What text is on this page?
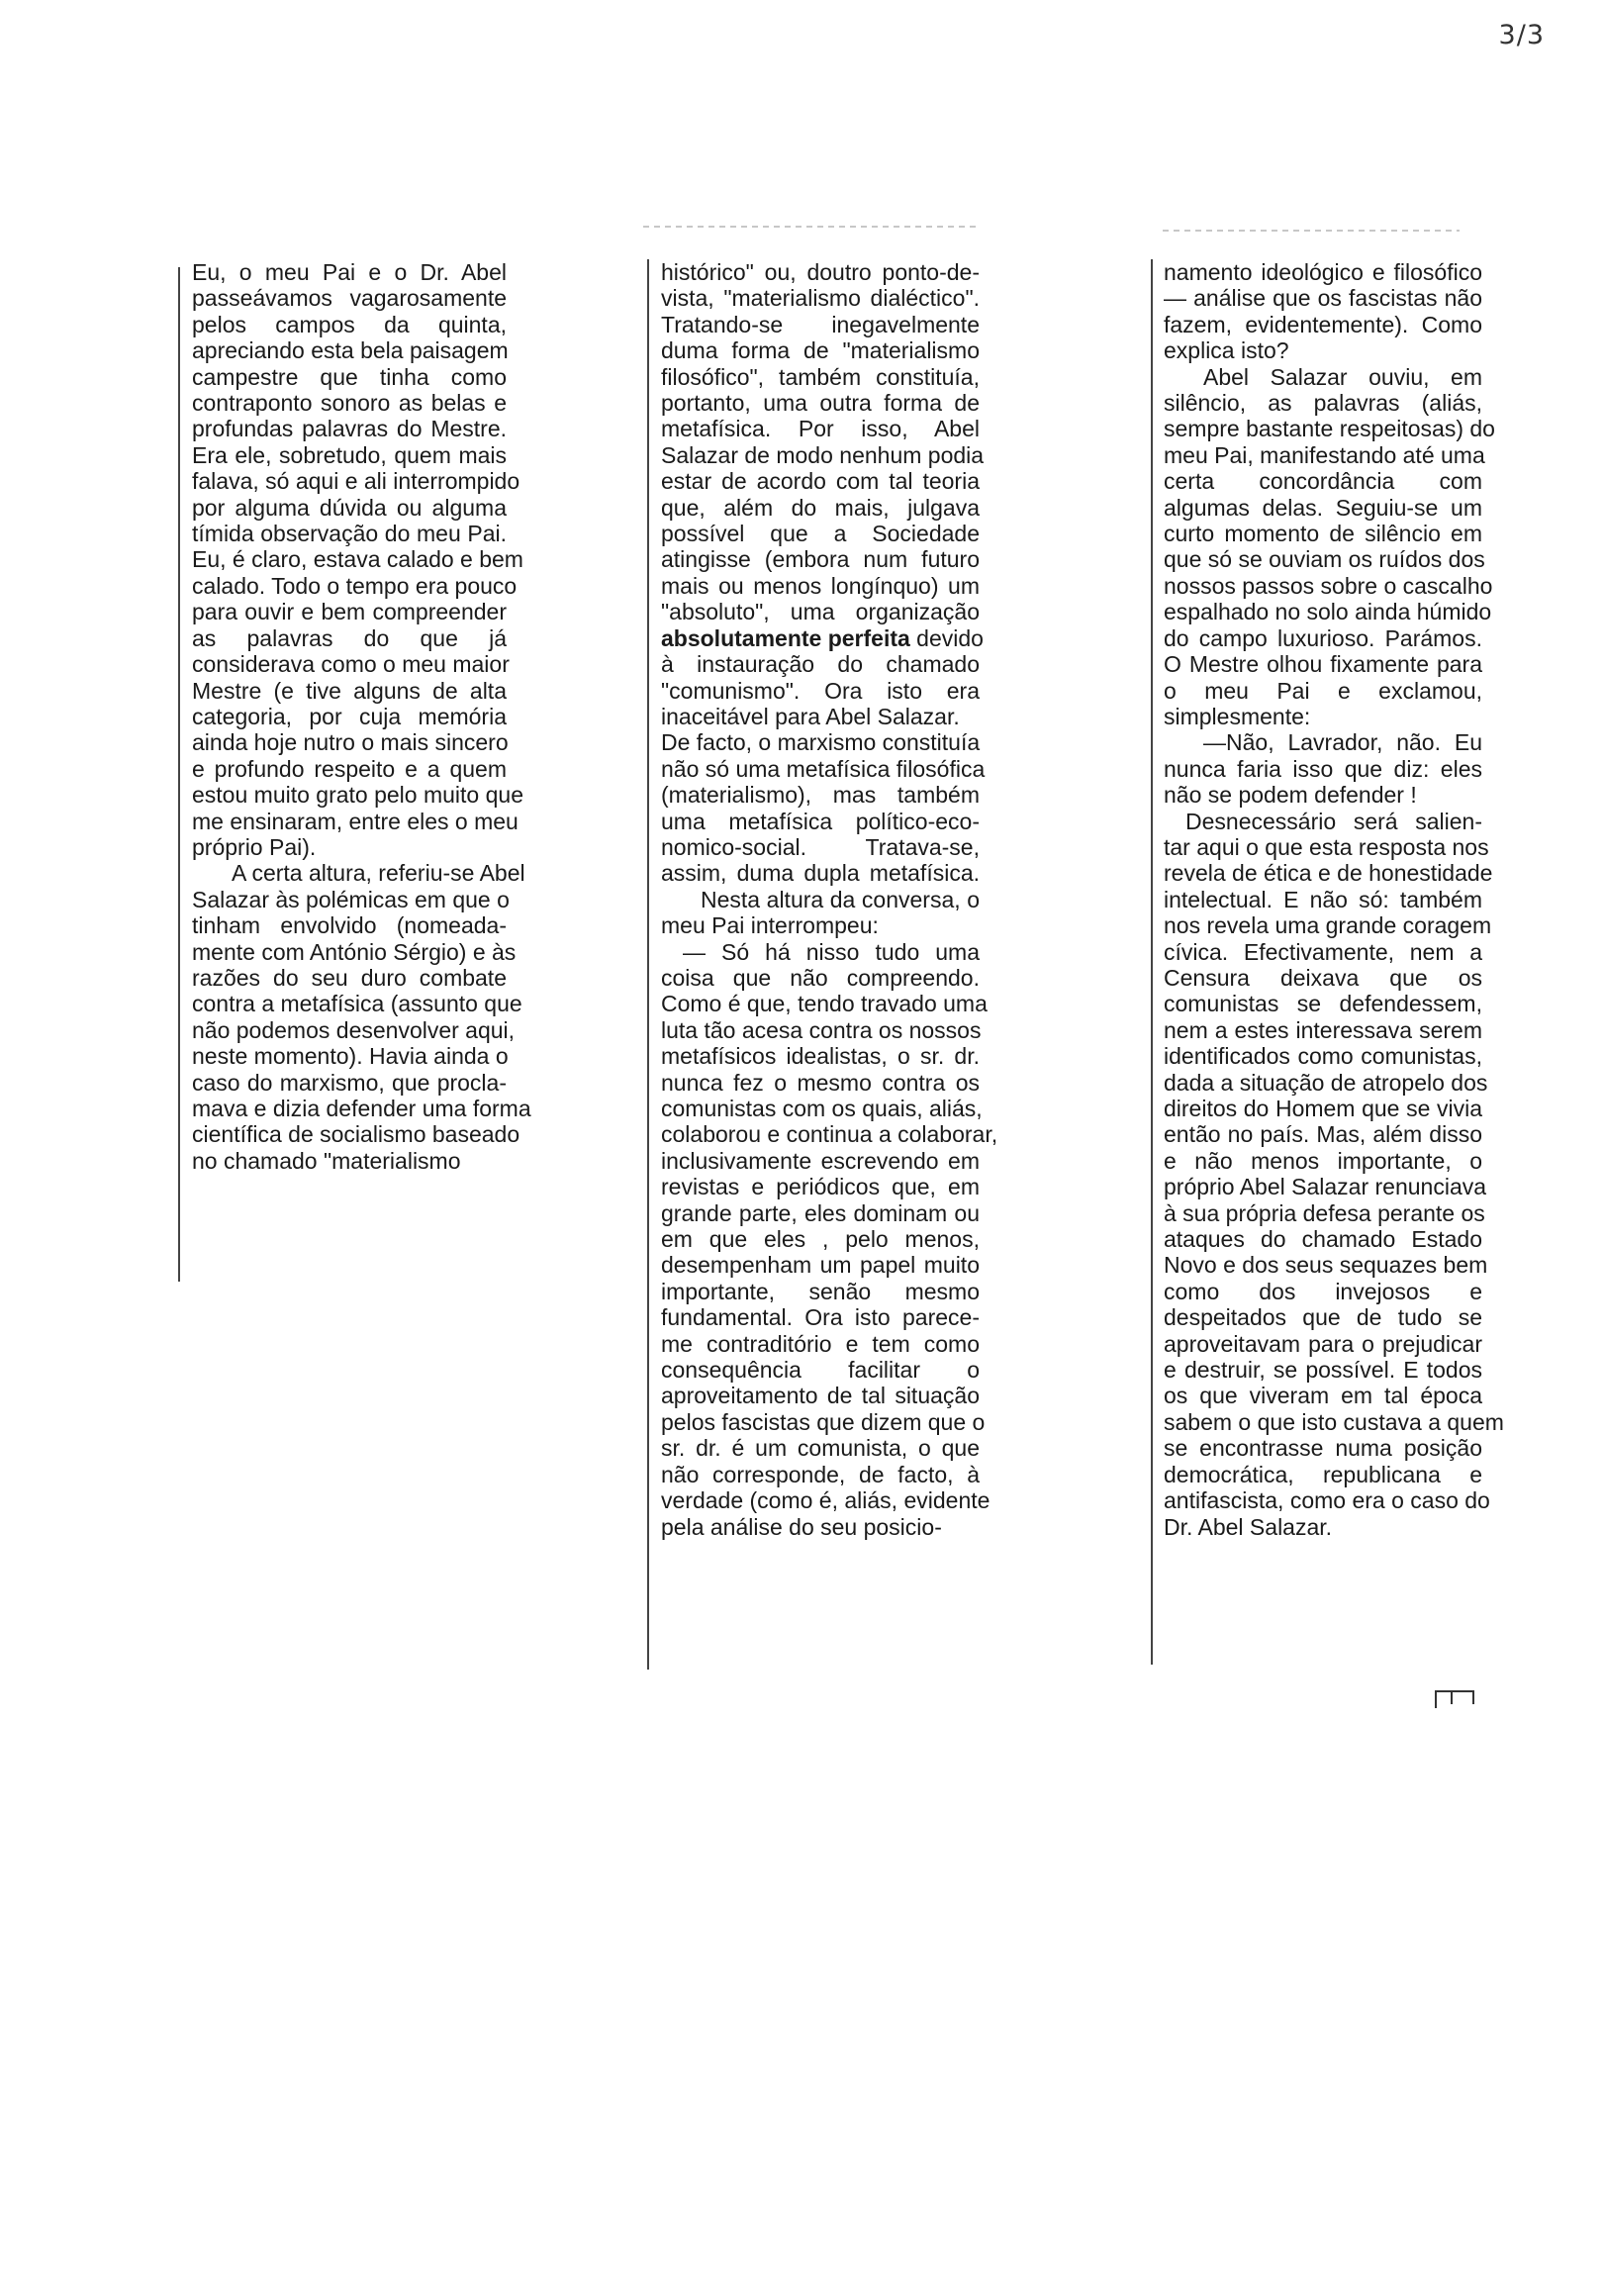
3/3
Eu, o meu Pai e o Dr. Abel
passeávamos vagarosamente
pelos campos da quinta,
apreciando esta bela paisagem
campestre que tinha como
contraponto sonoro as belas e
profundas palavras do Mestre.
Era ele, sobretudo, quem mais
falava, só aqui e ali interrompido
por alguma dúvida ou alguma
tímida observação do meu Pai.
Eu, é claro, estava calado e bem
calado. Todo o tempo era pouco
para ouvir e bem compreender
as palavras do que já
considerava como o meu maior
Mestre (e tive alguns de alta
categoria, por cuja memória
ainda hoje nutro o mais sincero
e profundo respeito e a quem
estou muito grato pelo muito que
me ensinaram, entre eles o meu
próprio Pai).
A certa altura, referiu-se Abel
Salazar às polémicas em que o
tinham envolvido (nomeada-
mente com António Sérgio) e às
razões do seu duro combate
contra a metafísica (assunto que
não podemos desenvolver aqui,
neste momento). Havia ainda o
caso do marxismo, que procla-
mava e dizia defender uma forma
científica de socialismo baseado
no chamado "materialismo
histórico" ou, doutro ponto-de-
vista, "materialismo dialéctico".
Tratando-se inegavelmente
duma forma de "materialismo
filosófico", também constituía,
portanto, uma outra forma de
metafísica. Por isso, Abel
Salazar de modo nenhum podia
estar de acordo com tal teoria
que, além do mais, julgava
possível que a Sociedade
atingisse (embora num futuro
mais ou menos longínquo) um
"absoluto", uma organização
absolutamente perfeita devido
à instauração do chamado
"comunismo". Ora isto era
inaceitável para Abel Salazar.
De facto, o marxismo constituía
não só uma metafísica filosófica
(materialismo), mas também
uma metafísica político-eco-
nomico-social. Tratava-se,
assim, duma dupla metafísica.
Nesta altura da conversa, o
meu Pai interrompeu:
— Só há nisso tudo uma
coisa que não compreendo.
Como é que, tendo travado uma
luta tão acesa contra os nossos
metafísicos idealistas, o sr. dr.
nunca fez o mesmo contra os
comunistas com os quais, aliás,
colaborou e continua a colaborar,
inclusivamente escrevendo em
revistas e periódicos que, em
grande parte, eles dominam ou
em que eles , pelo menos,
desempenham um papel muito
importante, senão mesmo
fundamental. Ora isto parece-
me contraditório e tem como
consequência facilitar o
aproveitamento de tal situação
pelos fascistas que dizem que o
sr. dr. é um comunista, o que
não corresponde, de facto, à
verdade (como é, aliás, evidente
pela análise do seu posicio-
namento ideológico e filosófico
— análise que os fascistas não
fazem, evidentemente). Como
explica isto?
Abel Salazar ouviu, em
silêncio, as palavras (aliás,
sempre bastante respeitosas) do
meu Pai, manifestando até uma
certa concordância com
algumas delas. Seguiu-se um
curto momento de silêncio em
que só se ouviam os ruídos dos
nossos passos sobre o cascalho
espalhado no solo ainda húmido
do campo luxurioso. Parámos.
O Mestre olhou fixamente para
o meu Pai e exclamou,
simplesmente:
—Não, Lavrador, não. Eu
nunca faria isso que diz: eles
não se podem defender !
Desnecessário será salien-
tar aqui o que esta resposta nos
revela de ética e de honestidade
intelectual. E não só: também
nos revela uma grande coragem
cívica. Efectivamente, nem a
Censura deixava que os
comunistas se defendessem,
nem a estes interessava serem
identificados como comunistas,
dada a situação de atropelo dos
direitos do Homem que se vivia
então no país. Mas, além disso
e não menos importante, o
próprio Abel Salazar renunciava
à sua própria defesa perante os
ataques do chamado Estado
Novo e dos seus sequazes bem
como dos invejosos e
despeitados que de tudo se
aproveitavam para o prejudicar
e destruir, se possível. E todos
os que viveram em tal época
sabem o que isto custava a quem
se encontrasse numa posição
democrática, republicana e
antifascista, como era o caso do
Dr. Abel Salazar.
